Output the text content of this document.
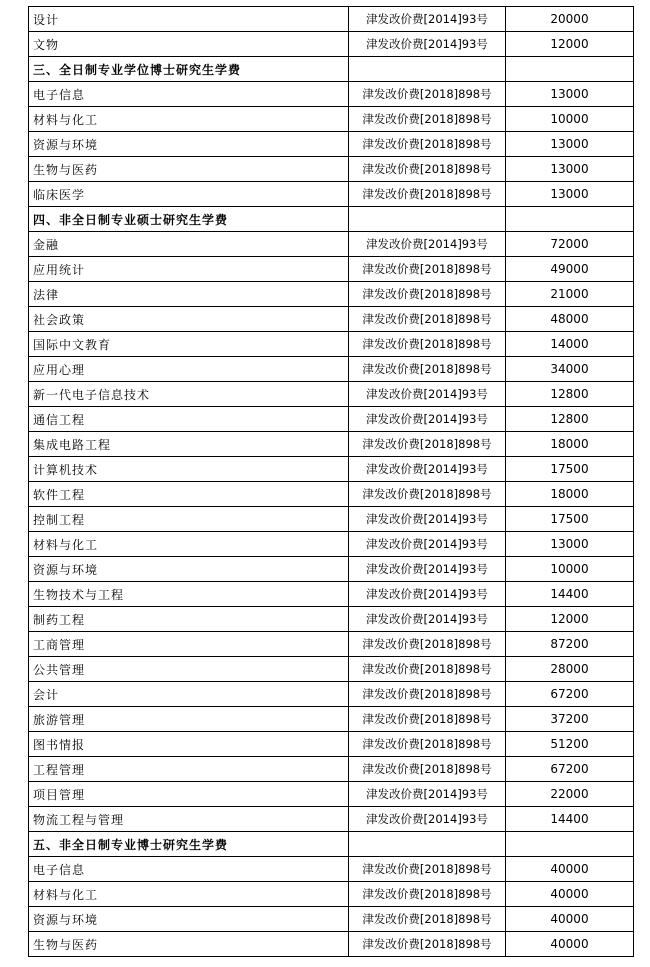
设计	津发改价费[2014]93号	20000
文物	津发改价费[2014]93号	12000
三、全日制专业学位博士研究生学费		
电子信息	津发改价费[2018]898号	13000
材料与化工	津发改价费[2018]898号	10000
资源与环境	津发改价费[2018]898号	13000
生物与医药	津发改价费[2018]898号	13000
临床医学	津发改价费[2018]898号	13000
四、非全日制专业硕士研究生学费		
金融	津发改价费[2014]93号	72000
应用统计	津发改价费[2018]898号	49000
法律	津发改价费[2018]898号	21000
社会政策	津发改价费[2018]898号	48000
国际中文教育	津发改价费[2018]898号	14000
应用心理	津发改价费[2018]898号	34000
新一代电子信息技术	津发改价费[2014]93号	12800
通信工程	津发改价费[2014]93号	12800
集成电路工程	津发改价费[2018]898号	18000
计算机技术	津发改价费[2014]93号	17500
软件工程	津发改价费[2018]898号	18000
控制工程	津发改价费[2014]93号	17500
材料与化工	津发改价费[2014]93号	13000
资源与环境	津发改价费[2014]93号	10000
生物技术与工程	津发改价费[2014]93号	14400
制药工程	津发改价费[2014]93号	12000
工商管理	津发改价费[2018]898号	87200
公共管理	津发改价费[2018]898号	28000
会计	津发改价费[2018]898号	67200
旅游管理	津发改价费[2018]898号	37200
图书情报	津发改价费[2018]898号	51200
工程管理	津发改价费[2018]898号	67200
项目管理	津发改价费[2014]93号	22000
物流工程与管理	津发改价费[2014]93号	14400
五、非全日制专业博士研究生学费		
电子信息	津发改价费[2018]898号	40000
材料与化工	津发改价费[2018]898号	40000
资源与环境	津发改价费[2018]898号	40000
生物与医药	津发改价费[2018]898号	40000
